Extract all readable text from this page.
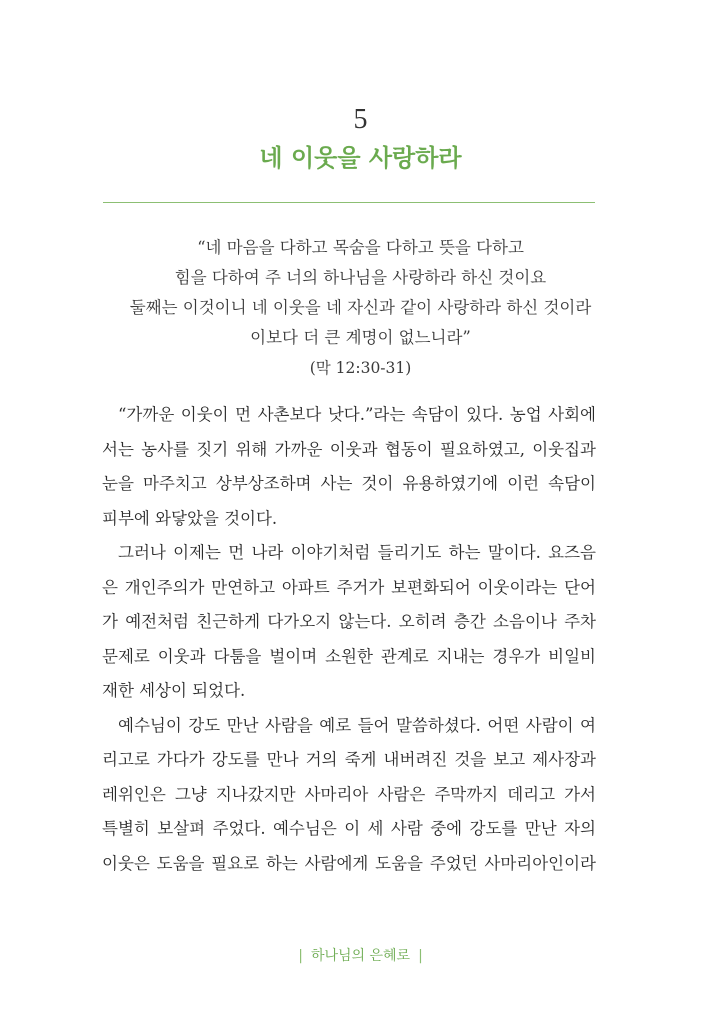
5
네 이웃을 사랑하라
“네 마음을 다하고 목숨을 다하고 뜻을 다하고
힘을 다하여 주 너의 하나님을 사랑하라 하신 것이요
둘째는 이것이니 네 이웃을 네 자신과 같이 사랑하라 하신 것이라
이보다 더 큰 계명이 없느니라”
(막 12:30-31)
“가까운 이웃이 먼 사촌보다 낫다.”라는 속담이 있다. 농업 사회에
서는 농사를 짓기 위해 가까운 이웃과 협동이 필요하였고, 이웃집과
눈을 마주치고 상부상조하며 사는 것이 유용하였기에 이런 속담이
피부에 와닿았을 것이다.
그러나 이제는 먼 나라 이야기처럼 들리기도 하는 말이다. 요즈음
은 개인주의가 만연하고 아파트 주거가 보편화되어 이웃이라는 단어
가 예전처럼 친근하게 다가오지 않는다. 오히려 층간 소음이나 주차
문제로 이웃과 다툼을 벌이며 소원한 관계로 지내는 경우가 비일비
재한 세상이 되었다.
예수님이 강도 만난 사람을 예로 들어 말씀하셨다. 어떤 사람이 여
리고로 가다가 강도를 만나 거의 죽게 내버려진 것을 보고 제사장과
레위인은 그냥 지나갔지만 사마리아 사람은 주막까지 데리고 가서
특별히 보살펴 주었다. 예수님은 이 세 사람 중에 강도를 만난 자의
이웃은 도움을 필요로 하는 사람에게 도움을 주었던 사마리아인이라
| 하나님의 은혜로 |
